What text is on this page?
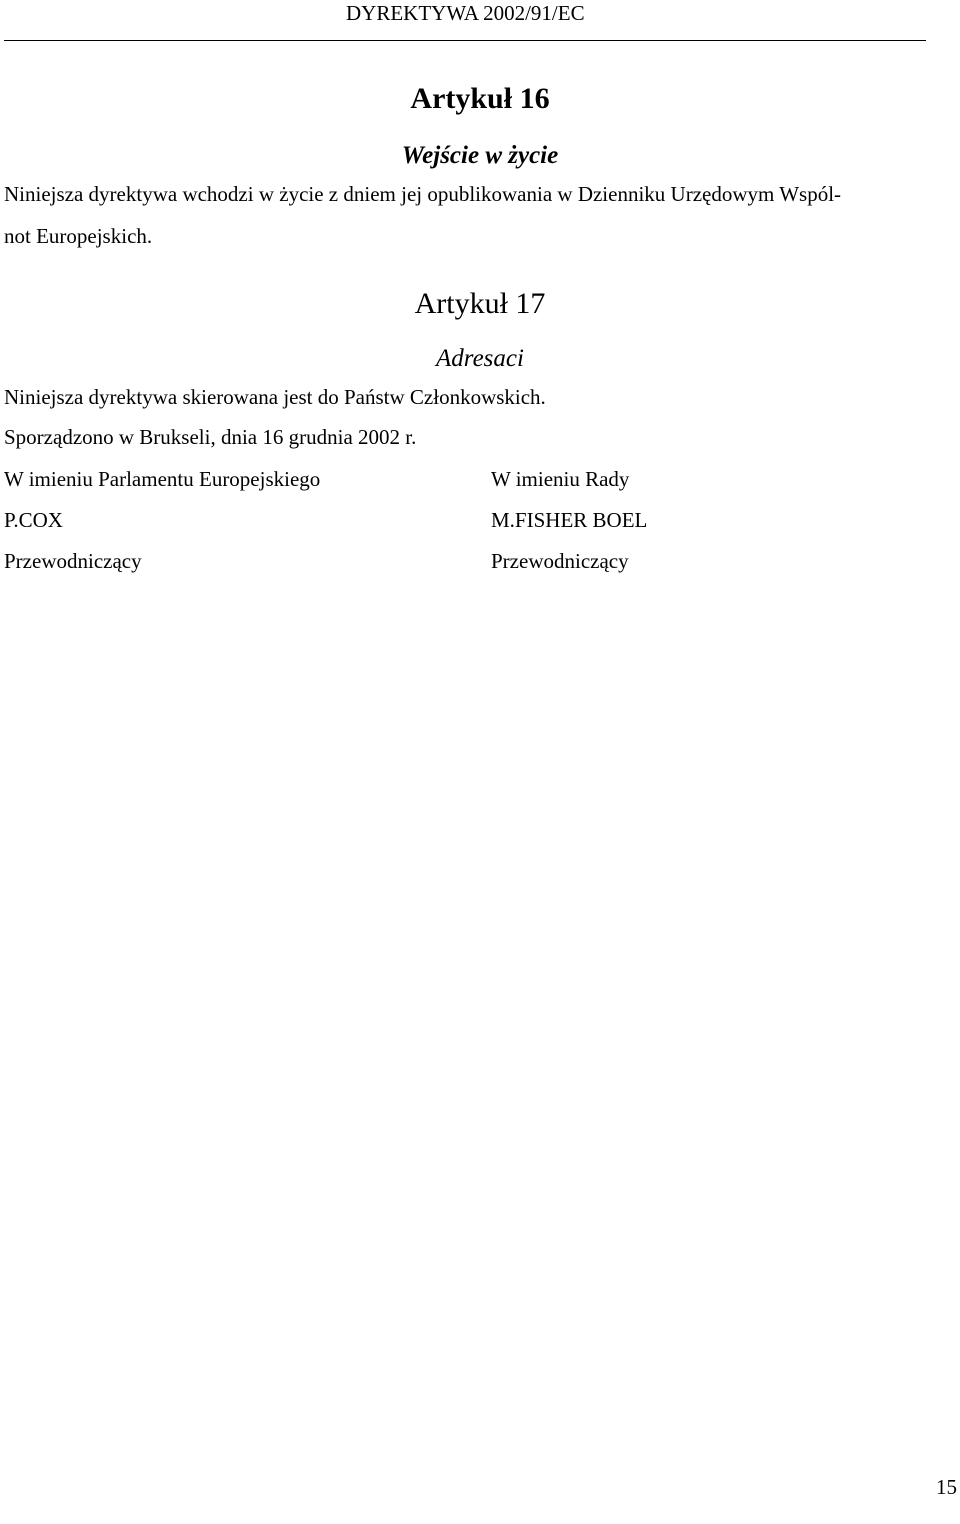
DYREKTYWA 2002/91/EC
Artykuł 16
Wejście w życie
Niniejsza dyrektywa wchodzi w życie z dniem jej opublikowania w Dzienniku Urzędowym Wspól-
not Europejskich.
Artykuł 17
Adresaci
Niniejsza dyrektywa skierowana jest do Państw Członkowskich.
Sporządzono w Brukseli, dnia 16 grudnia 2002 r.
W imieniu Parlamentu Europejskiego	W imieniu Rady
P.COX	M.FISHER BOEL
Przewodniczący	Przewodniczący
15
